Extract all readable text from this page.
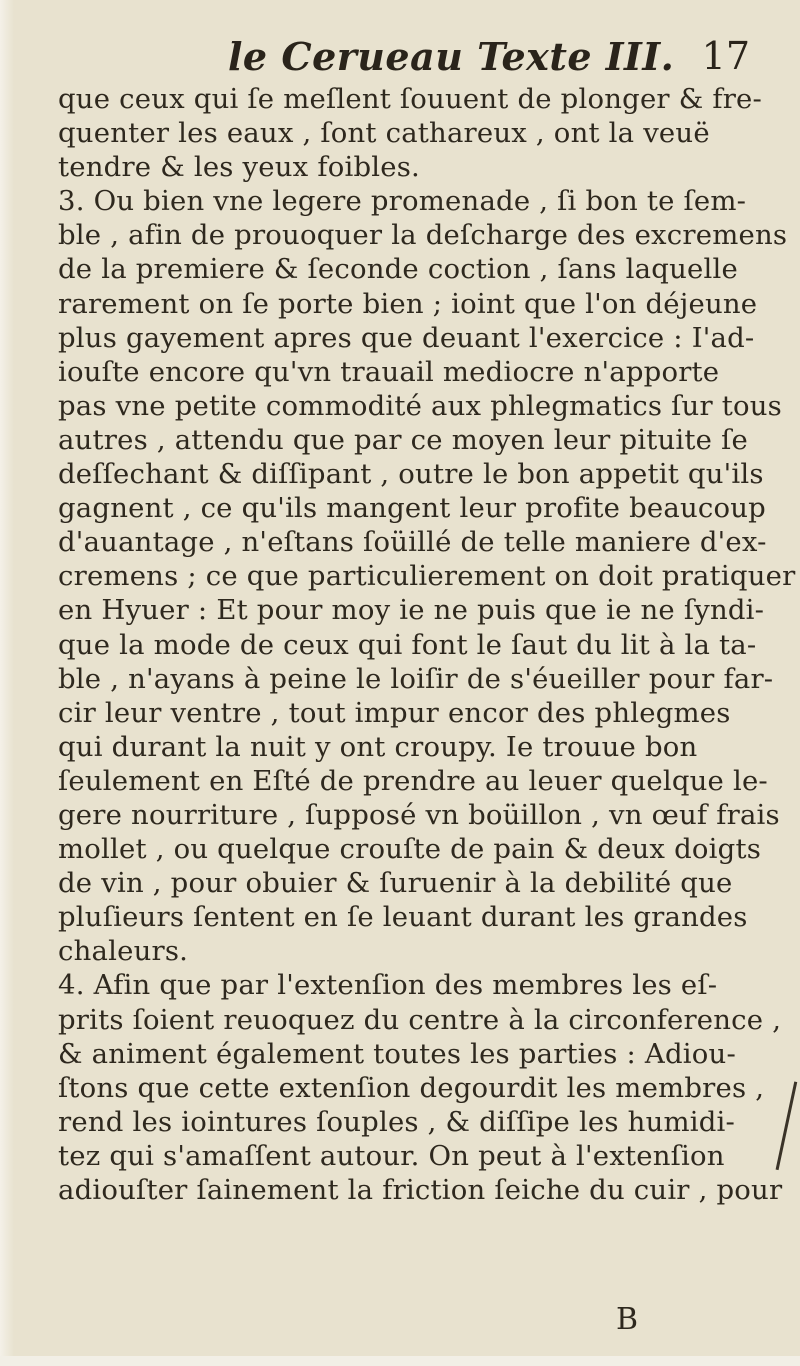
le Cerueau Texte III. 17
que ceux qui ſe meſlent ſouuent de plonger & fre-
quenter les eaux , ſont cathareux , ont la veuë
tendre & les yeux foibles.
3. Ou bien vne legere promenade , ſi bon te ſem-
ble , afin de prouoquer la deſcharge des excremens
de la premiere & ſeconde coction , ſans laquelle
rarement on ſe porte bien ; ioint que l'on déjeune
plus gayement apres que deuant l'exercice : I'ad-
iouſte encore qu'vn trauail mediocre n'apporte
pas vne petite commodité aux phlegmatics ſur tous
autres , attendu que par ce moyen leur pituite ſe
deſſechant & diſſipant , outre le bon appetit qu'ils
gagnent , ce qu'ils mangent leur profite beaucoup
d'auantage , n'eſtans ſoüillé de telle maniere d'ex-
cremens ; ce que particulierement on doit pratiquer
en Hyuer : Et pour moy ie ne puis que ie ne ſyndi-
que la mode de ceux qui font le ſaut du lit à la ta-
ble , n'ayans à peine le loiſir de s'éueiller pour far-
cir leur ventre , tout impur encor des phlegmes
qui durant la nuit y ont croupy. Ie trouue bon
ſeulement en Eſté de prendre au leuer quelque le-
gere nourriture , ſupposé vn boüillon , vn œuf frais
mollet , ou quelque crouſte de pain & deux doigts
de vin , pour obuier & ſuruenir à la debilité que
pluſieurs ſentent en ſe leuant durant les grandes
chaleurs.
4. Afin que par l'extenſion des membres les eſ-
prits ſoient reuoquez du centre à la circonference ,
& animent également toutes les parties : Adiou-
ſtons que cette extenſion degourdit les membres ,
rend les iointures ſouples , & diſſipe les humidi-
tez qui s'amaſſent autour. On peut à l'extenſion
adiouſter ſainement la friction ſeiche du cuir , pour
B
